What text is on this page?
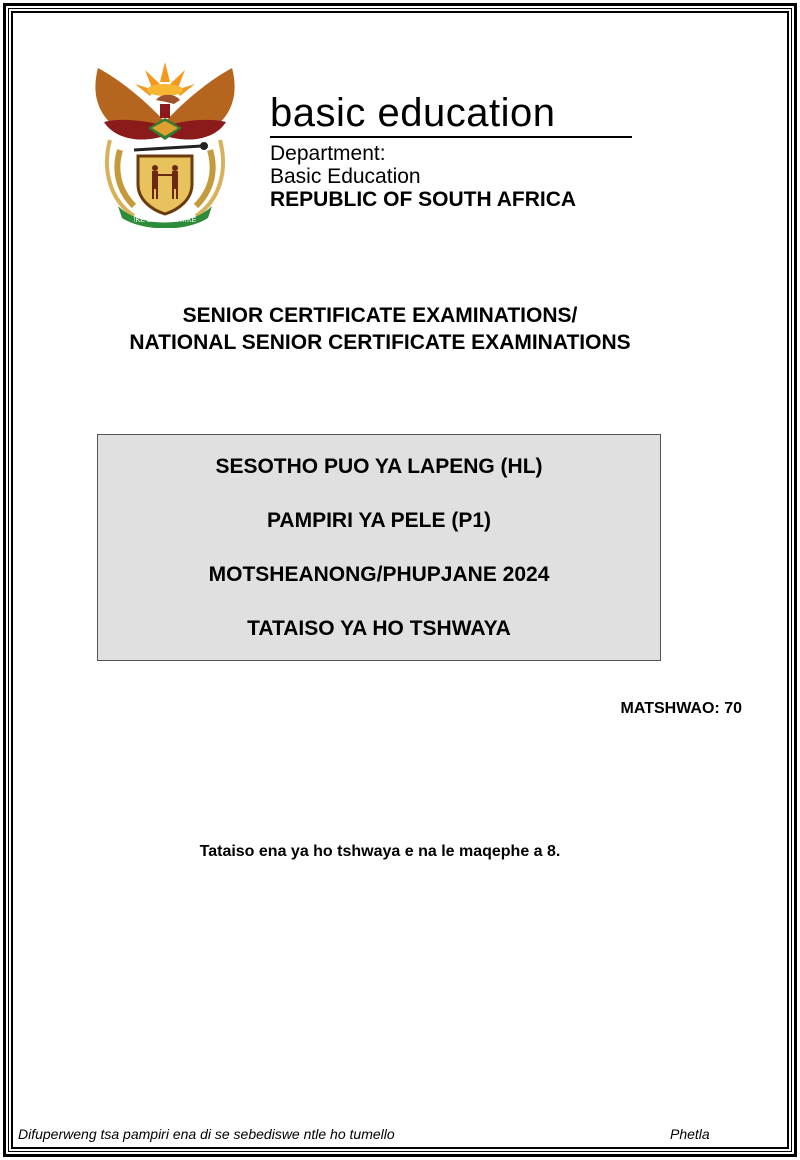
!KE E: /XARRA //KE
basic education
Department:
Basic Education
REPUBLIC OF SOUTH AFRICA
SENIOR CERTIFICATE EXAMINATIONS/
NATIONAL SENIOR CERTIFICATE EXAMINATIONS
SESOTHO PUO YA LAPENG (HL)
PAMPIRI YA PELE (P1)
MOTSHEANONG/PHUPJANE 2024
TATAISO YA HO TSHWAYA
MATSHWAO: 70
Tataiso ena ya ho tshwaya e na le maqephe a 8.
Difuperweng tsa pampiri ena di se sebediswe ntle ho tumello	Phetla
